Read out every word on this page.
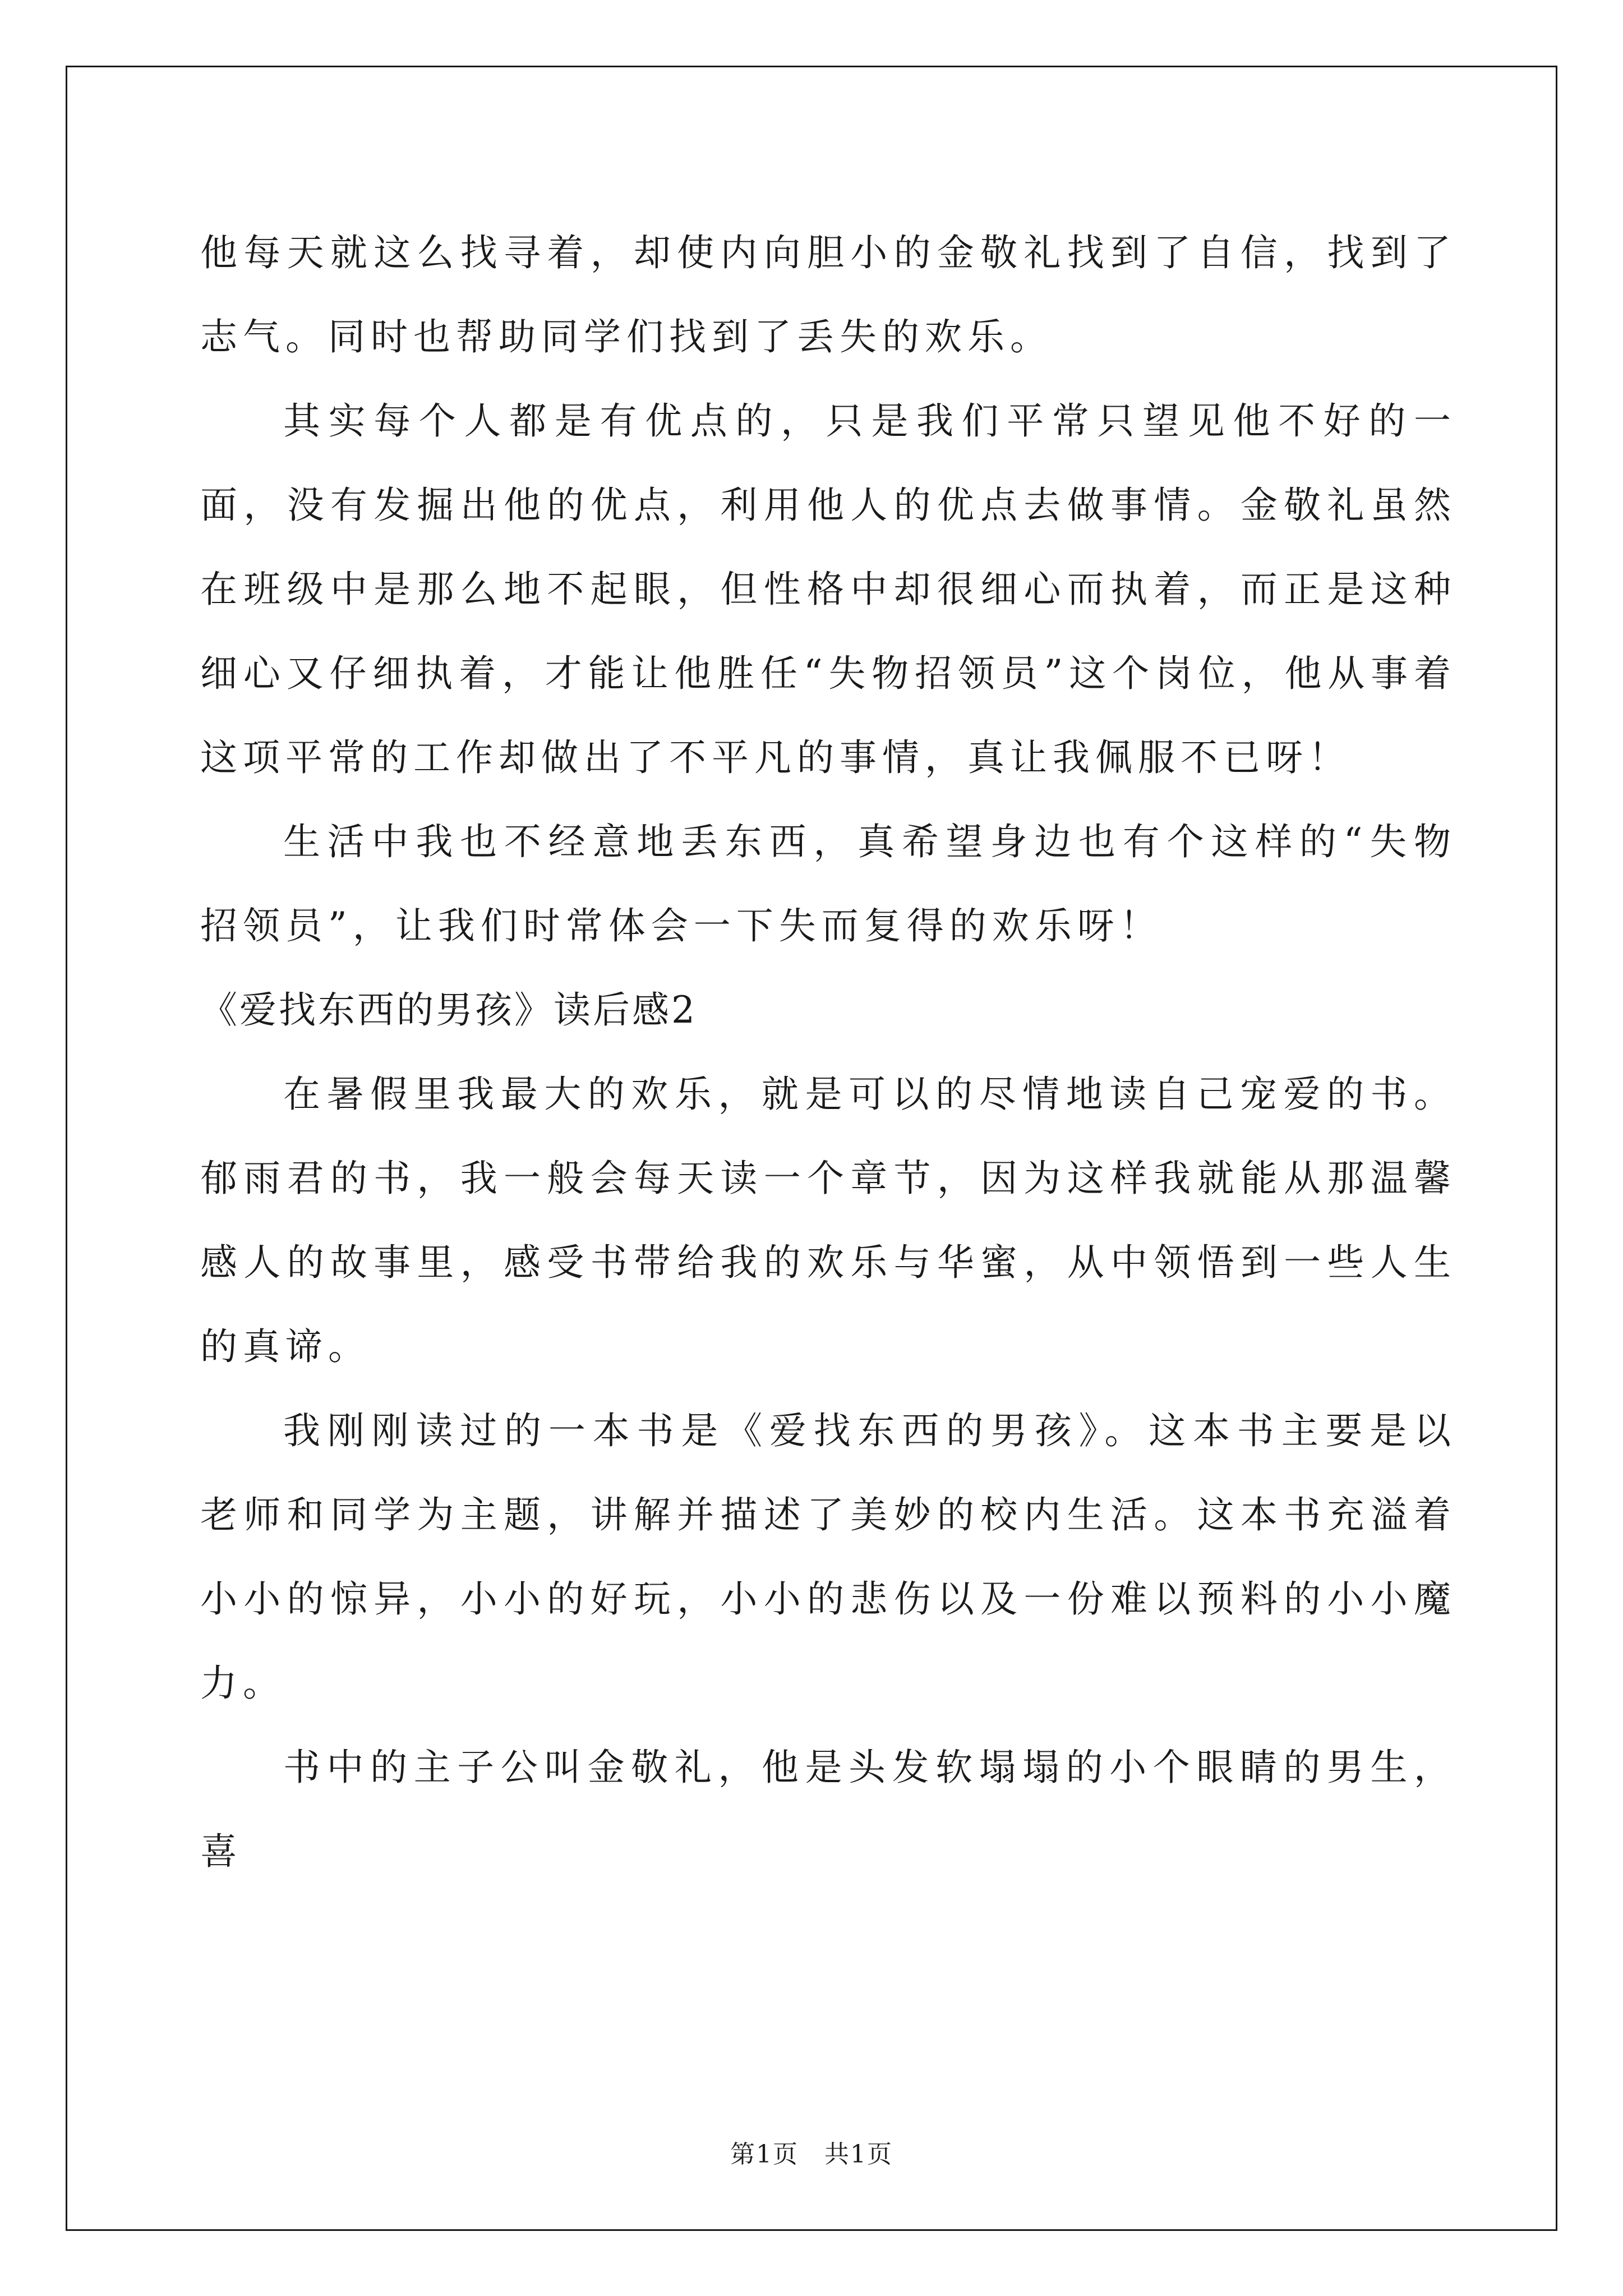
他每天就这么找寻着，却使内向胆小的金敬礼找到了自信，找到了志气。同时也帮助同学们找到了丢失的欢乐。

其实每个人都是有优点的，只是我们平常只望见他不好的一面，没有发掘出他的优点，利用他人的优点去做事情。金敬礼虽然在班级中是那么地不起眼，但性格中却很细心而执着，而正是这种细心又仔细执着，才能让他胜任“失物招领员”这个岗位，他从事着这项平常的工作却做出了不平凡的事情，真让我佩服不已呀！

生活中我也不经意地丢东西，真希望身边也有个这样的“失物招领员”，让我们时常体会一下失而复得的欢乐呀！

《爱找东西的男孩》读后感2

在暑假里我最大的欢乐，就是可以的尽情地读自己宠爱的书。郁雨君的书，我一般会每天读一个章节，因为这样我就能从那温馨感人的故事里，感受书带给我的欢乐与华蜜，从中领悟到一些人生的真谛。

我刚刚读过的一本书是《爱找东西的男孩》。这本书主要是以老师和同学为主题，讲解并描述了美妙的校内生活。这本书充溢着小小的惊异，小小的好玩，小小的悲伤以及一份难以预料的小小魔力。

书中的主子公叫金敬礼，他是头发软塌塌的小个眼睛的男生，喜

第1页　共1页
